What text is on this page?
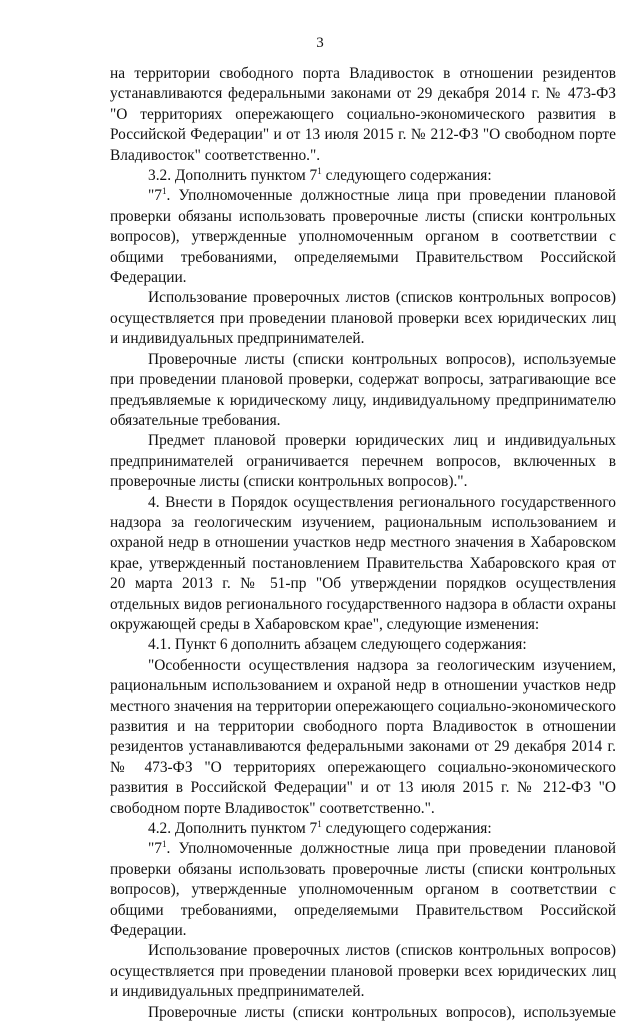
3

на территории свободного порта Владивосток в отношении резидентов устанавливаются федеральными законами от 29 декабря 2014 г. № 473-ФЗ "О территориях опережающего социально-экономического развития в Российской Федерации" и от 13 июля 2015 г. № 212-ФЗ "О свободном порте Владивосток" соответственно.".

3.2. Дополнить пунктом $7^1$ следующего содержания:

"$7^1$. Уполномоченные должностные лица при проведении плановой проверки обязаны использовать проверочные листы (списки контрольных вопросов), утвержденные уполномоченным органом в соответствии с общими требованиями, определяемыми Правительством Российской Федерации.

Использование проверочных листов (списков контрольных вопросов) осуществляется при проведении плановой проверки всех юридических лиц и индивидуальных предпринимателей.

Проверочные листы (списки контрольных вопросов), используемые при проведении плановой проверки, содержат вопросы, затрагивающие все предъявляемые к юридическому лицу, индивидуальному предпринимателю обязательные требования.

Предмет плановой проверки юридических лиц и индивидуальных предпринимателей ограничивается перечнем вопросов, включенных в проверочные листы (списки контрольных вопросов).".

4. Внести в Порядок осуществления регионального государственного надзора за геологическим изучением, рациональным использованием и охраной недр в отношении участков недр местного значения в Хабаровском крае, утвержденный постановлением Правительства Хабаровского края от 20 марта 2013 г. № 51-пр "Об утверждении порядков осуществления отдельных видов регионального государственного надзора в области охраны окружающей среды в Хабаровском крае", следующие изменения:

4.1. Пункт 6 дополнить абзацем следующего содержания:

"Особенности осуществления надзора за геологическим изучением, рациональным использованием и охраной недр в отношении участков недр местного значения на территории опережающего социально-экономического развития и на территории свободного порта Владивосток в отношении резидентов устанавливаются федеральными законами от 29 декабря 2014 г. № 473-ФЗ "О территориях опережающего социально-экономического развития в Российской Федерации" и от 13 июля 2015 г. № 212-ФЗ "О свободном порте Владивосток" соответственно.".

4.2. Дополнить пунктом $7^1$ следующего содержания:

"$7^1$. Уполномоченные должностные лица при проведении плановой проверки обязаны использовать проверочные листы (списки контрольных вопросов), утвержденные уполномоченным органом в соответствии с общими требованиями, определяемыми Правительством Российской Федерации.

Использование проверочных листов (списков контрольных вопросов) осуществляется при проведении плановой проверки всех юридических лиц и индивидуальных предпринимателей.

Проверочные листы (списки контрольных вопросов), используемые
